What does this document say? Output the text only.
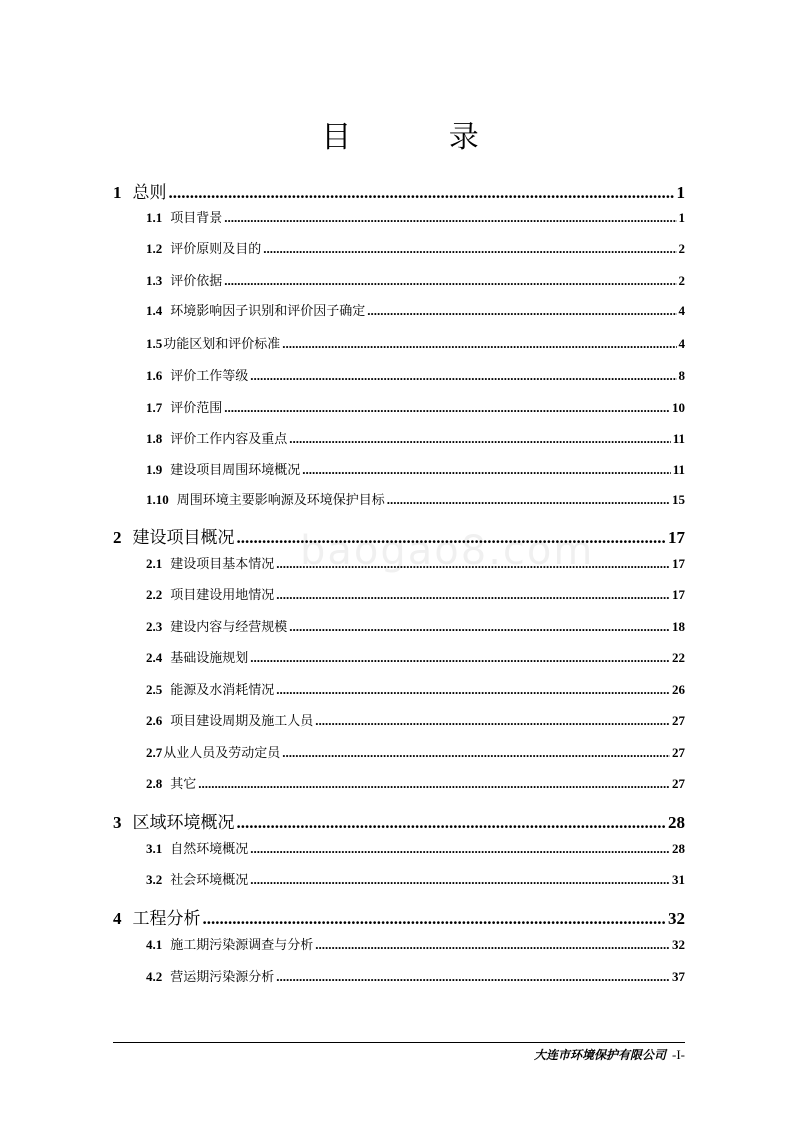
目 录
baogao8.com
1 总则 .....	1
1.1 项目背景 .....	1
1.2 评价原则及目的 .....	2
1.3 评价依据 .....	2
1.4 环境影响因子识别和评价因子确定 .....	4
1.5功能区划和评价标准 .....	4
1.6 评价工作等级 .....	8
1.7 评价范围 .....	10
1.8 评价工作内容及重点 .....	11
1.9 建设项目周围环境概况 .....	11
1.10 周围环境主要影响源及环境保护目标 .....	15
2 建设项目概况 .....	17
2.1 建设项目基本情况 .....	17
2.2 项目建设用地情况 .....	17
2.3 建设内容与经营规模 .....	18
2.4 基础设施规划 .....	22
2.5 能源及水消耗情况 .....	26
2.6 项目建设周期及施工人员 .....	27
2.7从业人员及劳动定员 .....	27
2.8 其它 .....	27
3 区域环境概况 .....	28
3.1 自然环境概况 .....	28
3.2 社会环境概况 .....	31
4 工程分析 .....	32
4.1 施工期污染源调查与分析 .....	32
4.2 营运期污染源分析 .....	37
大连市环境保护有限公司 -I-
